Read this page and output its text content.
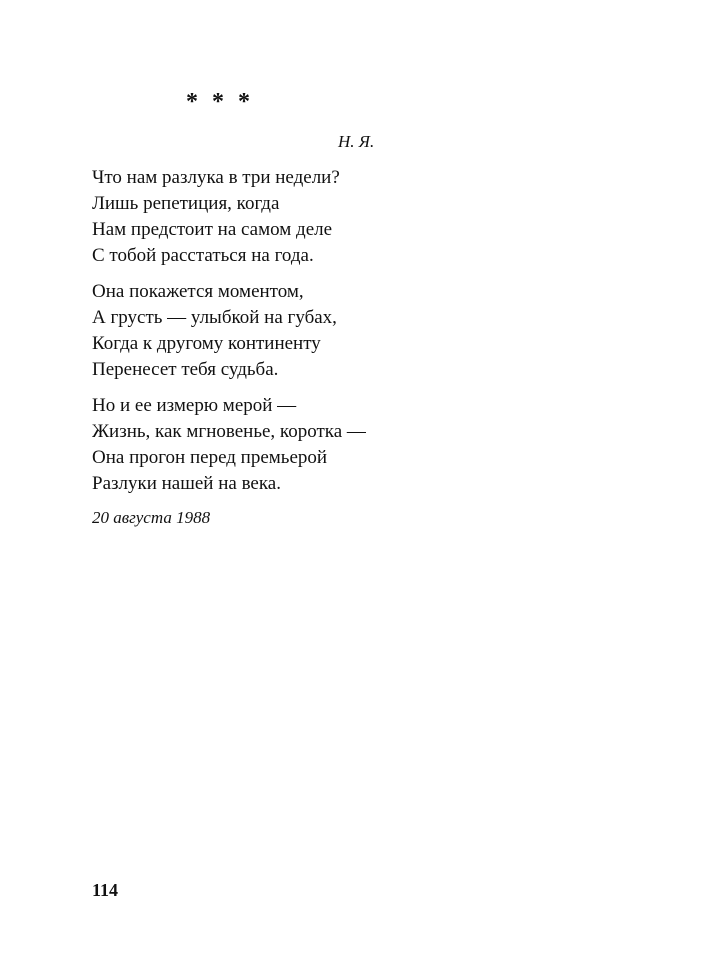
* * *
Н. Я.
Что нам разлука в три недели?
Лишь репетиция, когда
Нам предстоит на самом деле
С тобой расстаться на года.
Она покажется моментом,
А грусть — улыбкой на губах,
Когда к другому континенту
Перенесет тебя судьба.
Но и ее измерю мерой —
Жизнь, как мгновенье, коротка —
Она прогон перед премьерой
Разлуки нашей на века.
20 августа 1988
114
